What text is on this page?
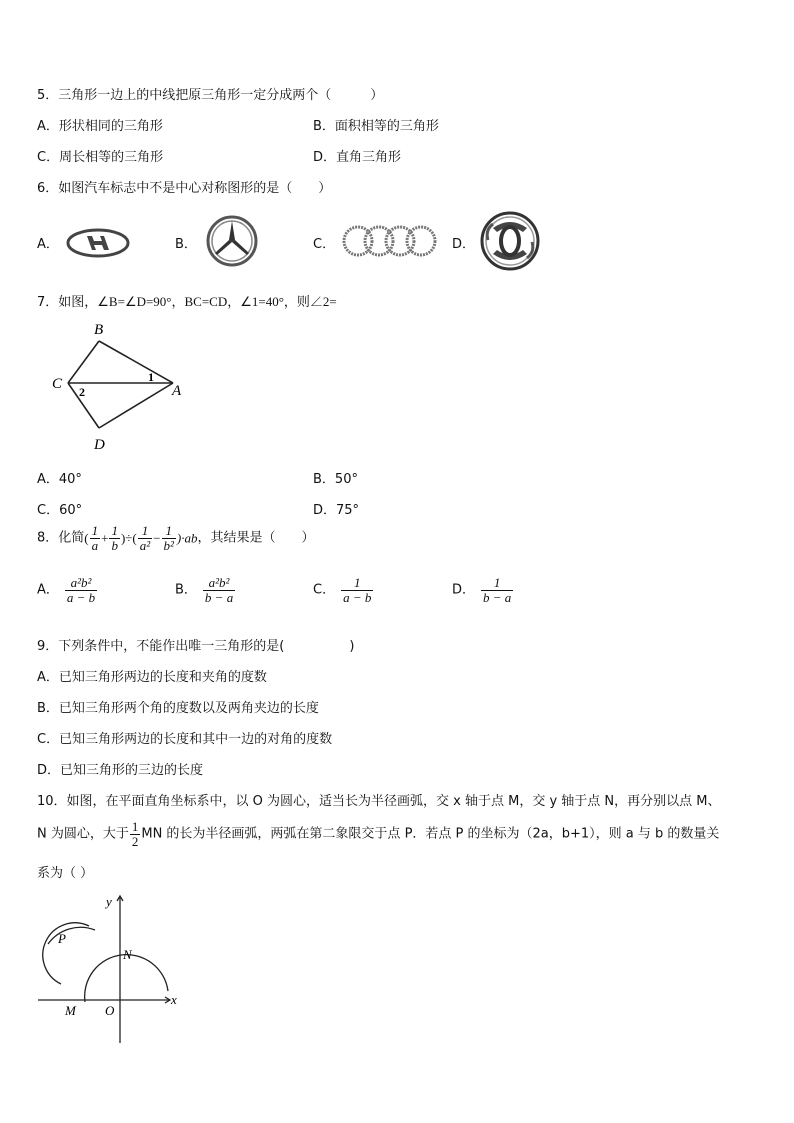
5．三角形一边上的中线把原三角形一定分成两个（　　　）
A．形状相同的三角形	B．面积相等的三角形
C．周长相等的三角形	D．直角三角形
6．如图汽车标志中不是中心对称图形的是（　　）
A．	B．	C．	D．
7．如图，∠B=∠D=90°，BC=CD，∠1=40°，则∠2=
B
C	A
D
1
2
A．40°	B．50°
C．60°	D．75°
8．化简( $\frac{1}{a} + \frac{1}{b}$ )÷( $\frac{1}{\text{a²}} - \frac{1}{\text{b²}} )\cdot ab$，其结果是（　　）
A． $\frac{\text{a²b²}}{a - b}$	B． $\frac{\text{a²b²}}{b - a}$	C． $\frac{1}{a - b}$	D． $\frac{1}{b - a}$
9．下列条件中，不能作出唯一三角形的是(　　　　　)
A．已知三角形两边的长度和夹角的度数
B．已知三角形两个角的度数以及两角夹边的长度
C．已知三角形两边的长度和其中一边的对角的度数
D．已知三角形的三边的长度
10．如图，在平面直角坐标系中，以 O 为圆心，适当长为半径画弧，交 x 轴于点 M，交 y 轴于点 N，再分别以点 M、
N 为圆心，大于 $\frac{1}{2}$ MN 的长为半径画弧，两弧在第二象限交于点 P．若点 P 的坐标为（2a，b+1），则 a 与 b 的数量关
系为（ ）
y
x
P
N
M O
